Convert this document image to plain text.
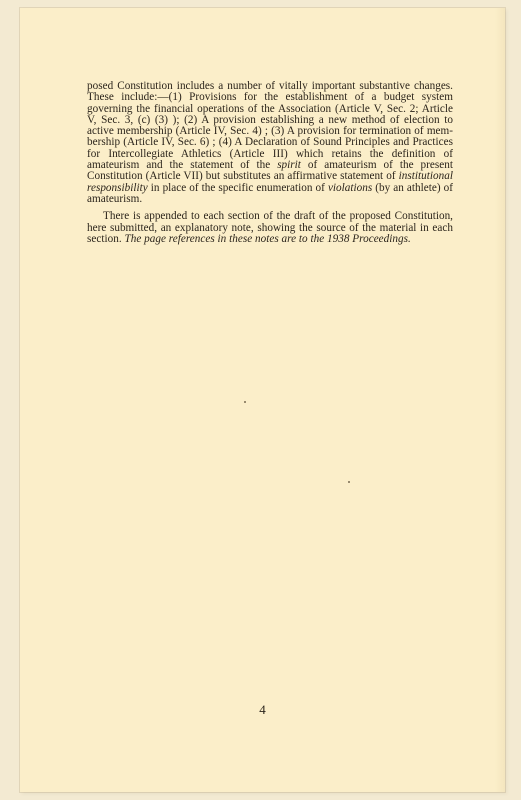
posed Constitution includes a number of vitally important substantive changes. These include:—(1) Provisions for the establishment of a budget system governing the financial operations of the Association (Article V, Sec. 2; Article V, Sec. 3, (c) (3) ); (2) A provision establishing a new method of election to active membership (Article IV, Sec. 4) ; (3) A provision for termination of membership (Article IV, Sec. 6) ; (4) A Declaration of Sound Principles and Practices for Intercollegiate Athletics (Article III) which retains the definition of amateurism and the statement of the spirit of amateurism of the present Constitution (Article VII) but substitutes an affirmative statement of institutional responsibility in place of the specific enumeration of violations (by an athlete) of amateurism.

There is appended to each section of the draft of the proposed Constitution, here submitted, an explanatory note, showing the source of the material in each section. The page references in these notes are to the 1938 Proceedings.

4
